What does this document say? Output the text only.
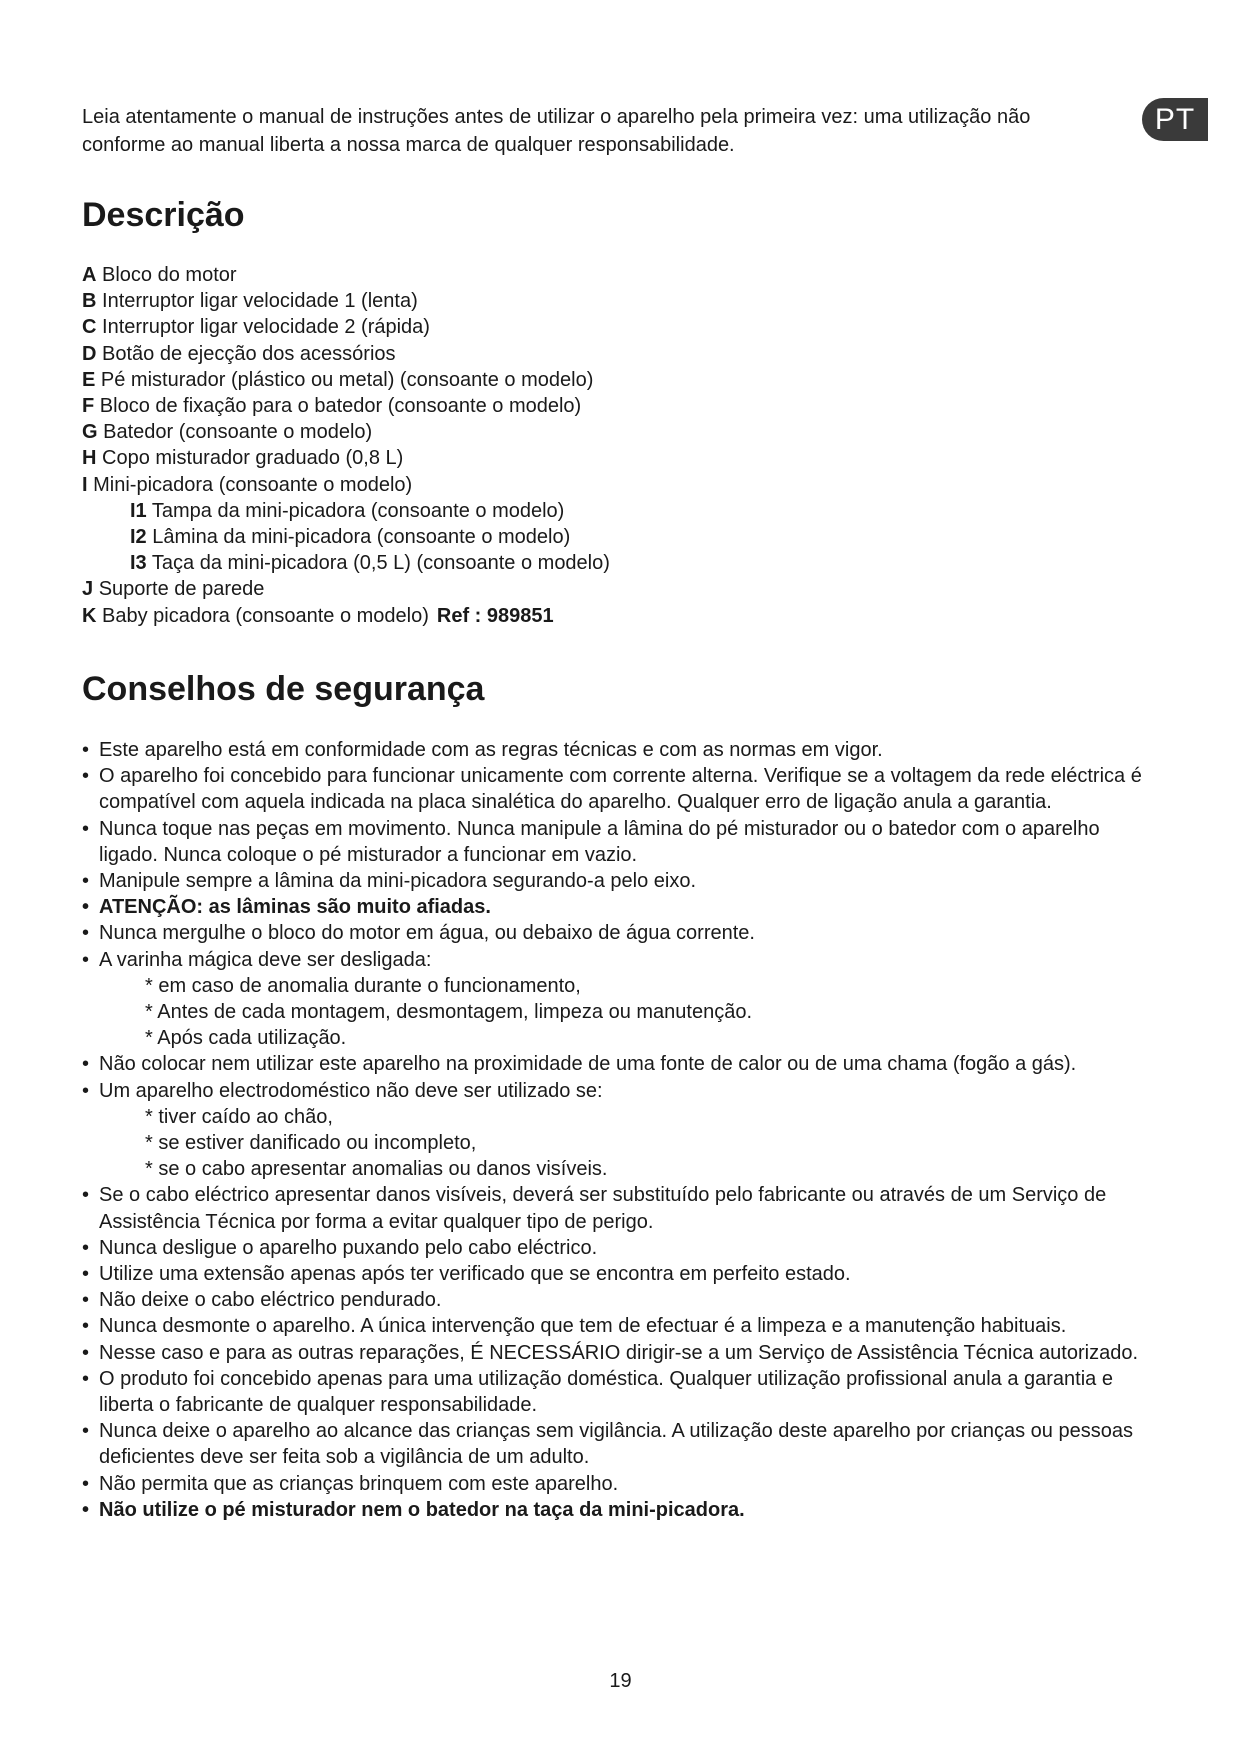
PT

Leia atentamente o manual de instruções antes de utilizar o aparelho pela primeira vez: uma utilização não conforme ao manual liberta a nossa marca de qualquer responsabilidade.

Descrição
A Bloco do motor
B Interruptor ligar velocidade 1 (lenta)
C Interruptor ligar velocidade 2 (rápida)
D Botão de ejecção dos acessórios
E Pé misturador (plástico ou metal) (consoante o modelo)
F Bloco de fixação para o batedor (consoante o modelo)
G Batedor (consoante o modelo)
H Copo misturador graduado (0,8 L)
I Mini-picadora (consoante o modelo)
I1 Tampa da mini-picadora (consoante o modelo)
I2 Lâmina da mini-picadora (consoante o modelo)
I3 Taça da mini-picadora (0,5 L) (consoante o modelo)
J Suporte de parede
K Baby picadora (consoante o modelo) Ref : 989851
Conselhos de segurança
• Este aparelho está em conformidade com as regras técnicas e com as normas em vigor.
• O aparelho foi concebido para funcionar unicamente com corrente alterna. Verifique se a voltagem da rede eléctrica é compatível com aquela indicada na placa sinalética do aparelho. Qualquer erro de ligação anula a garantia.
• Nunca toque nas peças em movimento. Nunca manipule a lâmina do pé misturador ou o batedor com o aparelho ligado. Nunca coloque o pé misturador a funcionar em vazio.
• Manipule sempre a lâmina da mini-picadora segurando-a pelo eixo.
• ATENÇÃO: as lâminas são muito afiadas.
• Nunca mergulhe o bloco do motor em água, ou debaixo de água corrente.
• A varinha mágica deve ser desligada:
* em caso de anomalia durante o funcionamento,
* Antes de cada montagem, desmontagem, limpeza ou manutenção.
* Após cada utilização.
• Não colocar nem utilizar este aparelho na proximidade de uma fonte de calor ou de uma chama (fogão a gás).
• Um aparelho electrodoméstico não deve ser utilizado se:
* tiver caído ao chão,
* se estiver danificado ou incompleto,
* se o cabo apresentar anomalias ou danos visíveis.
• Se o cabo eléctrico apresentar danos visíveis, deverá ser substituído pelo fabricante ou através de um Serviço de Assistência Técnica por forma a evitar qualquer tipo de perigo.
• Nunca desligue o aparelho puxando pelo cabo eléctrico.
• Utilize uma extensão apenas após ter verificado que se encontra em perfeito estado.
• Não deixe o cabo eléctrico pendurado.
• Nunca desmonte o aparelho. A única intervenção que tem de efectuar é a limpeza e a manutenção habituais.
• Nesse caso e para as outras reparações, É NECESSÁRIO dirigir-se a um Serviço de Assistência Técnica autorizado.
• O produto foi concebido apenas para uma utilização doméstica. Qualquer utilização profissional anula a garantia e liberta o fabricante de qualquer responsabilidade.
• Nunca deixe o aparelho ao alcance das crianças sem vigilância. A utilização deste aparelho por crianças ou pessoas deficientes deve ser feita sob a vigilância de um adulto.
• Não permita que as crianças brinquem com este aparelho.
• Não utilize o pé misturador nem o batedor na taça da mini-picadora.
19
